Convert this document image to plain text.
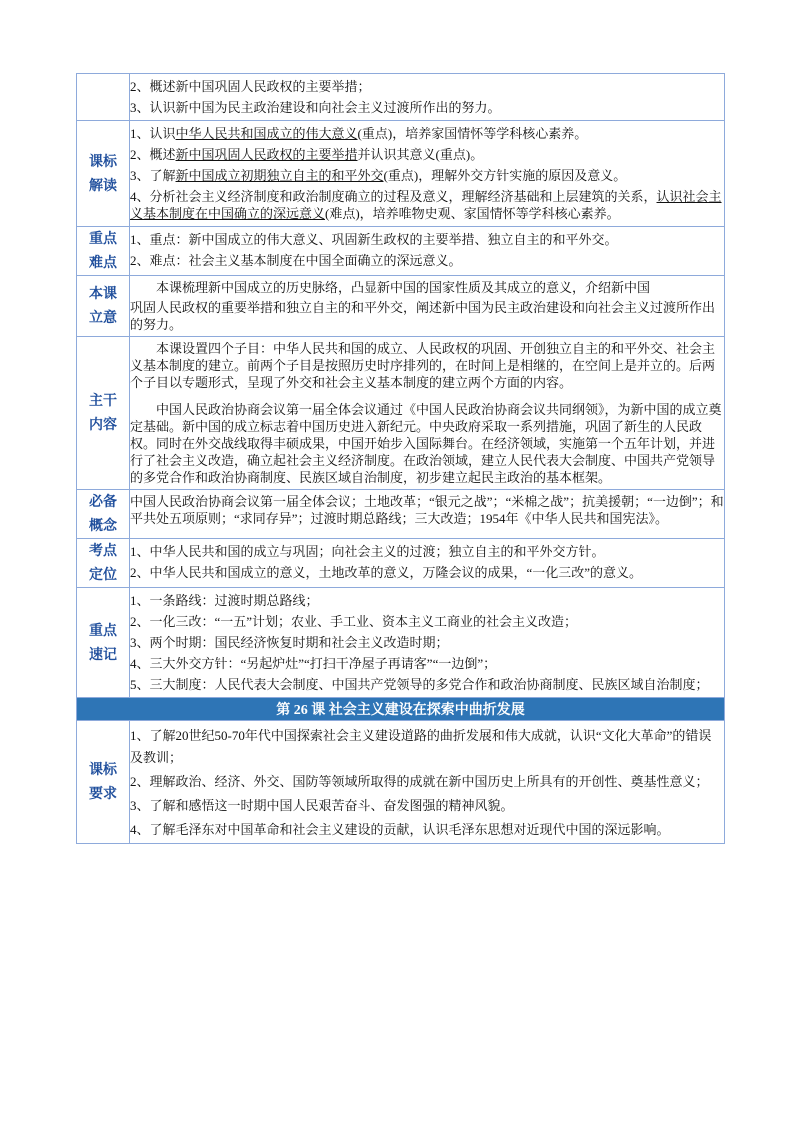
	2、概述新中国巩固人民政权的主要举措；
3、认识新中国为民主政治建设和向社会主义过渡所作出的努力。

课标
解读	1、认识中华人民共和国成立的伟大意义(重点)，培养家国情怀等学科核心素养。
2、概述新中国巩固人民政权的主要举措并认识其意义(重点)。
3、了解新中国成立初期独立自主的和平外交(重点)，理解外交方针实施的原因及意义。
4、分析社会主义经济制度和政治制度确立的过程及意义，理解经济基础和上层建筑的关系，认识社会主义基本制度在中国确立的深远意义(难点)，培养唯物史观、家国情怀等学科核心素养。

重点
难点	1、重点：新中国成立的伟大意义、巩固新生政权的主要举措、独立自主的和平外交。
2、难点：社会主义基本制度在中国全面确立的深远意义。

本课
立意	本课梳理新中国成立的历史脉络，凸显新中国的国家性质及其成立的意义，介绍新中国
巩固人民政权的重要举措和独立自主的和平外交，阐述新中国为民主政治建设和向社会主义过渡所作出的努力。

主干
内容	本课设置四个子目：中华人民共和国的成立、人民政权的巩固、开创独立自主的和平外交、社会主义基本制度的建立。前两个子目是按照历史时序排列的，在时间上是相继的，在空间上是并立的。后两个子目以专题形式，呈现了外交和社会主义基本制度的建立两个方面的内容。
中国人民政治协商会议第一届全体会议通过《中国人民政治协商会议共同纲领》，为新中国的成立奠定基础。新中国的成立标志着中国历史进入新纪元。中央政府采取一系列措施，巩固了新生的人民政权。同时在外交战线取得丰硕成果，中国开始步入国际舞台。在经济领域，实施第一个五年计划，并进行了社会主义改造，确立起社会主义经济制度。在政治领域，建立人民代表大会制度、中国共产党领导的多党合作和政治协商制度、民族区域自治制度，初步建立起民主政治的基本框架。

必备
概念	中国人民政治协商会议第一届全体会议；土地改革；“银元之战”；“米棉之战”；抗美援朝；“一边倒”；和平共处五项原则；“求同存异”；过渡时期总路线；三大改造；1954年《中华人民共和国宪法》。

考点
定位	1、中华人民共和国的成立与巩固；向社会主义的过渡；独立自主的和平外交方针。
2、中华人民共和国成立的意义，土地改革的意义，万隆会议的成果，“一化三改”的意义。

重点
速记	1、一条路线：过渡时期总路线；
2、一化三改：“一五”计划；农业、手工业、资本主义工商业的社会主义改造；
3、两个时期：国民经济恢复时期和社会主义改造时期；
4、三大外交方针：“另起炉灶”“打扫干净屋子再请客”“一边倒”；
5、三大制度：人民代表大会制度、中国共产党领导的多党合作和政治协商制度、民族区域自治制度；

第 26 课 社会主义建设在探索中曲折发展	

课标
要求	1、了解20世纪50-70年代中国探索社会主义建设道路的曲折发展和伟大成就，认识“文化大革命”的错误及教训；
2、理解政治、经济、外交、国防等领域所取得的成就在新中国历史上所具有的开创性、奠基性意义；
3、了解和感悟这一时期中国人民艰苦奋斗、奋发图强的精神风貌。
4、了解毛泽东对中国革命和社会主义建设的贡献，认识毛泽东思想对近现代中国的深远影响。
